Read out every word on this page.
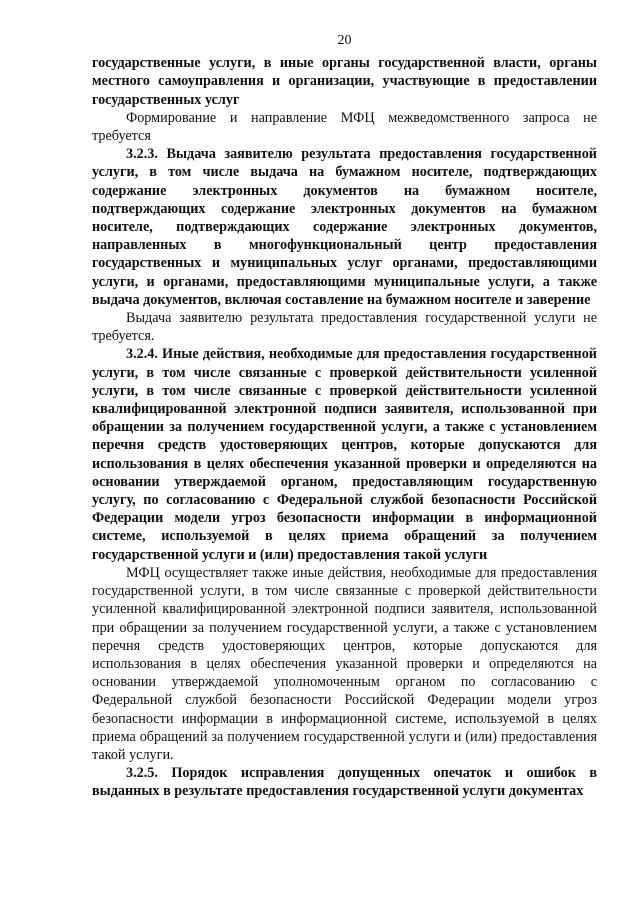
20

государственные услуги, в иные органы государственной власти, органы местного самоуправления и организации, участвующие в предоставлении государственных услуг

Формирование и направление МФЦ межведомственного запроса не требуется

3.2.3. Выдача заявителю результата предоставления государственной услуги, в том числе выдача на бумажном носителе, подтверждающих содержание электронных документов на бумажном носителе, подтверждающих содержание электронных документов на бумажном носителе, подтверждающих содержание электронных документов, направленных в многофункциональный центр предоставления государственных и муниципальных услуг органами, предоставляющими услуги, и органами, предоставляющими муниципальные услуги, а также выдача документов, включая составление на бумажном носителе и заверение

Выдача заявителю результата предоставления государственной услуги не требуется.

3.2.4. Иные действия, необходимые для предоставления государственной услуги, в том числе связанные с проверкой действительности усиленной услуги, в том числе связанные с проверкой действительности усиленной квалифицированной электронной подписи заявителя, использованной при обращении за получением государственной услуги, а также с установлением перечня средств удостоверяющих центров, которые допускаются для использования в целях обеспечения указанной проверки и определяются на основании утверждаемой органом, предоставляющим государственную услугу, по согласованию с Федеральной службой безопасности Российской Федерации модели угроз безопасности информации в информационной системе, используемой в целях приема обращений за получением государственной услуги и (или) предоставления такой услуги

МФЦ осуществляет также иные действия, необходимые для предоставления государственной услуги, в том числе связанные с проверкой действительности усиленной квалифицированной электронной подписи заявителя, использованной при обращении за получением государственной услуги, а также с установлением перечня средств удостоверяющих центров, которые допускаются для использования в целях обеспечения указанной проверки и определяются на основании утверждаемой уполномоченным органом по согласованию с Федеральной службой безопасности Российской Федерации модели угроз безопасности информации в информационной системе, используемой в целях приема обращений за получением государственной услуги и (или) предоставления такой услуги.

3.2.5. Порядок исправления допущенных опечаток и ошибок в выданных в результате предоставления государственной услуги документах
